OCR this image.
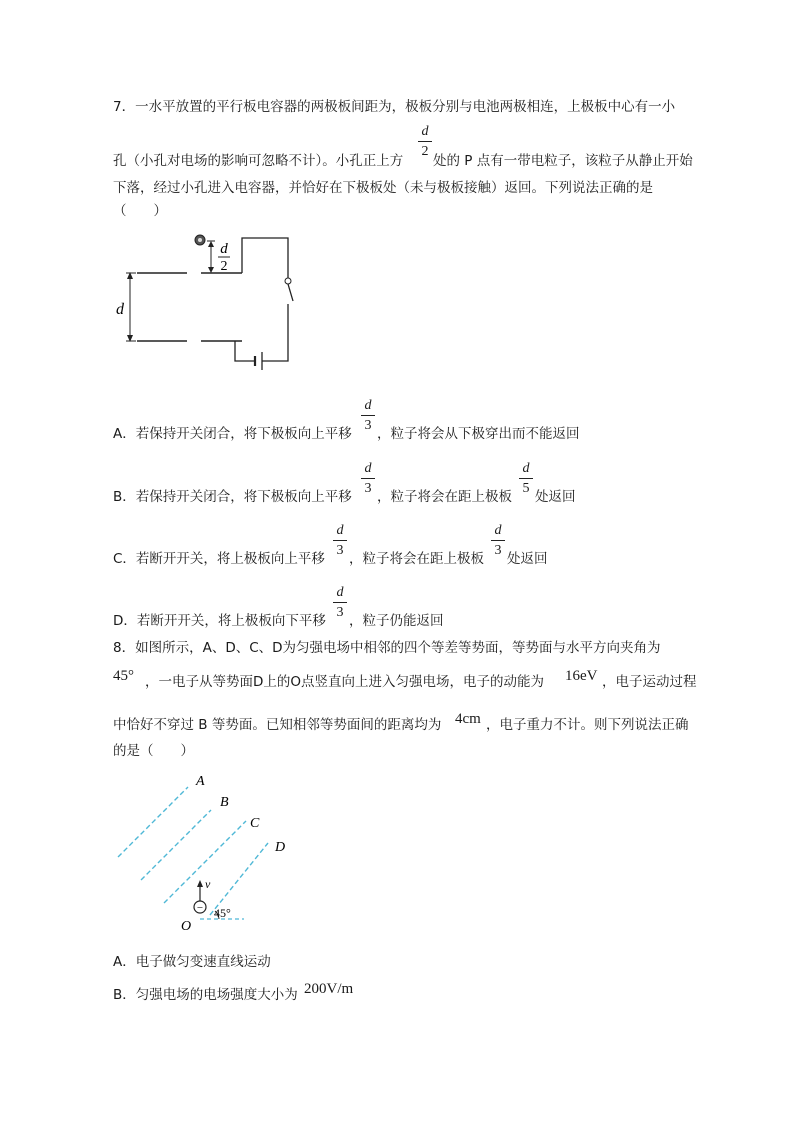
7．一水平放置的平行板电容器的两极板间距为，极板分别与电池两极相连，上极板中心有一小
d
2
孔（小孔对电场的影响可忽略不计）。小孔正上方 处的 P 点有一带电粒子，该粒子从静止开始
下落，经过小孔进入电容器，并恰好在下极板处（未与极板接触）返回。下列说法正确的是
（　　）
d
2
d
d
3
A．若保持开关闭合，将下极板向上平移 ，粒子将会从下极穿出而不能返回
d
3
d
5
B．若保持开关闭合，将下极板向上平移 ，粒子将会在距上极板 处返回
d
3
d
3
C．若断开开关，将上极板向上平移 ，粒子将会在距上极板 处返回
d
3
D．若断开开关，将上极板向下平移 ，粒子仍能返回
8．如图所示，A、D、C、D为匀强电场中相邻的四个等差等势面，等势面与水平方向夹角为
45° ，一电子从等势面D上的O点竖直向上进入匀强电场，电子的动能为 16eV ，电子运动过程
中恰好不穿过 B 等势面。已知相邻等势面间的距离均为 4cm ，电子重力不计。则下列说法正确
的是（　　）
A
B
C
D
v
− 45°
O
A．电子做匀变速直线运动
B．匀强电场的电场强度大小为 200V/m
